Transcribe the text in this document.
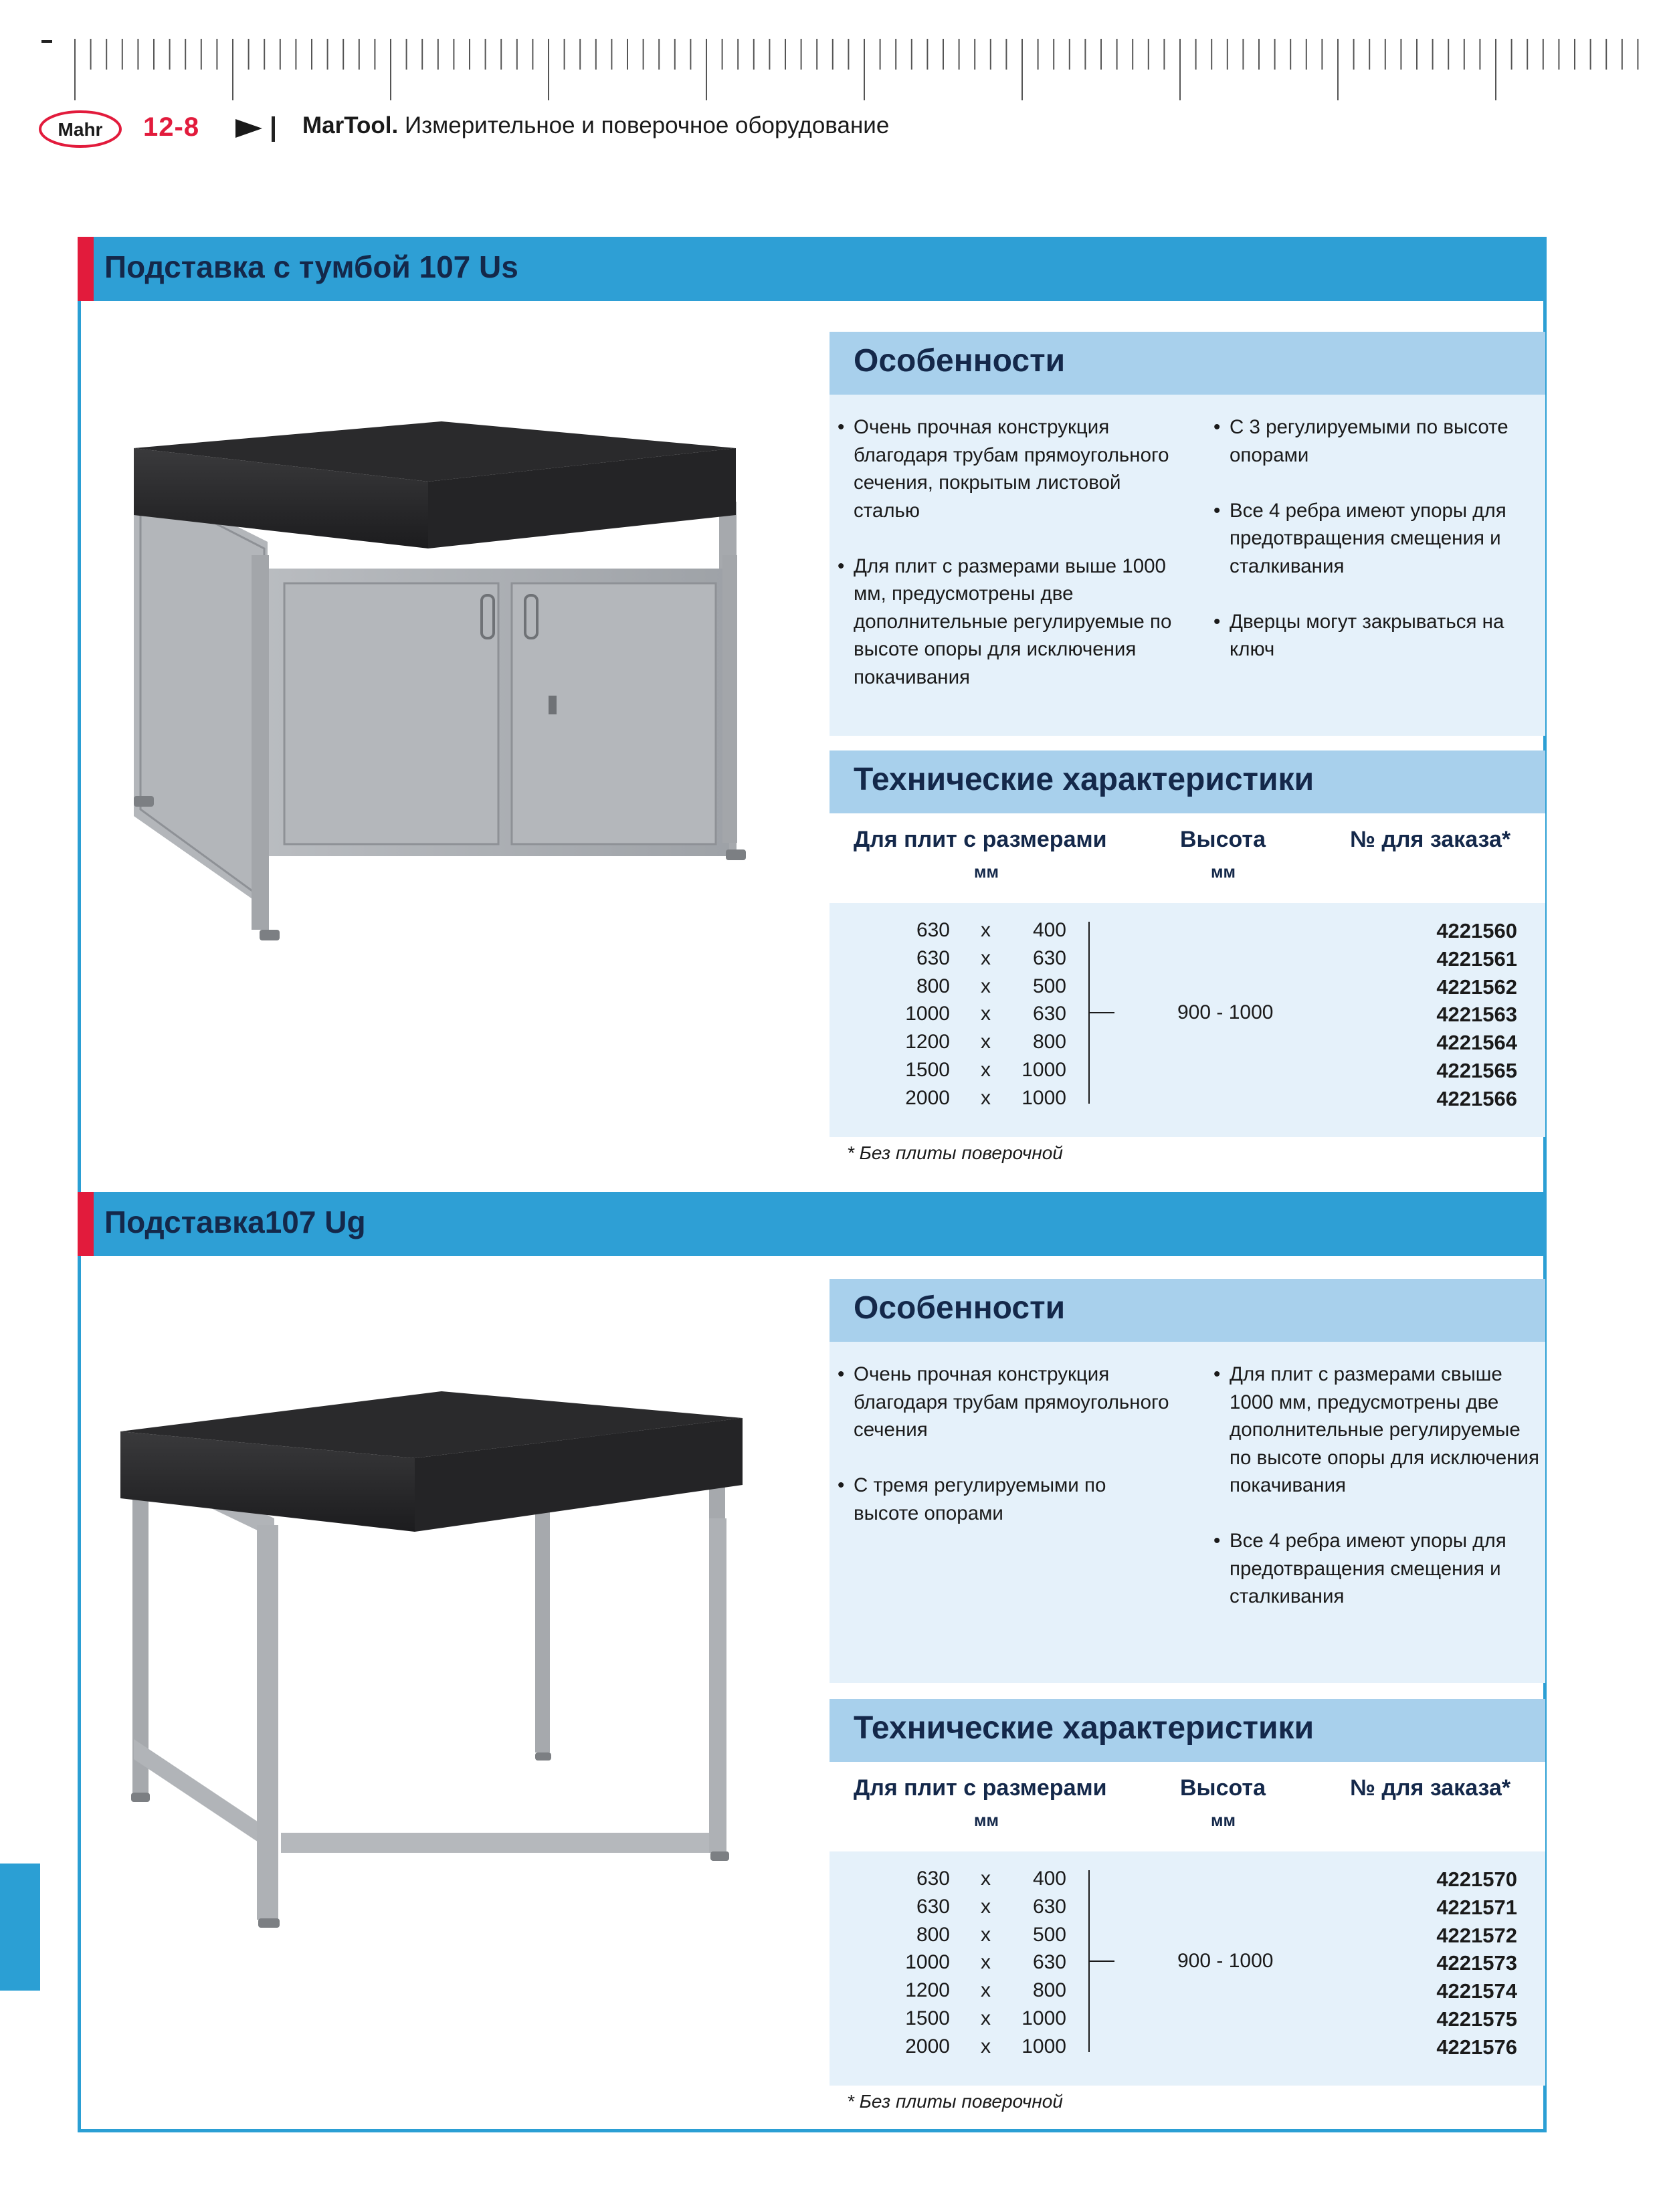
Mahr 12-8	MarTool. Измерительное и поверочное оборудование
Подставка с тумбой 107 Us
Особенности
• Очень прочная конструкция благодаря трубам прямоугольного сечения, покрытым листовой сталью
• Для плит с размерами выше 1000 мм, предусмотрены две дополнительные регулируемые по высоте опоры для исключения покачивания
• С 3 регулируемыми по высоте опорами
• Все 4 ребра имеют упоры для предотвращения смещения и сталкивания
• Дверцы могут закрываться на ключ
Технические характеристики
Для плит с размерами
мм
Высота
мм
№ для заказа*
630 x	400	4221560
630 x	630	4221561
800 x	500	4221562
1000 x	630	4221563
1200 x	800	4221564
1500 x	1000	4221565
2000 x	1000	4221566
900 - 1000
* Без плиты поверочной
Подставка107 Ug
Особенности
• Очень прочная конструкция благодаря трубам прямоугольного сечения
• С тремя регулируемыми по высоте опорами
• Для плит с размерами свыше 1000 мм, предусмотрены две дополнительные регулируемые по высоте опоры для исключения покачивания
• Все 4 ребра имеют упоры для предотвращения смещения и сталкивания
Технические характеристики
Для плит с размерами
мм
Высота
мм
№ для заказа*
630 x	400	4221570
630 x	630	4221571
800 x	500	4221572
1000 x	630	4221573
1200 x	800	4221574
1500 x	1000	4221575
2000 x	1000	4221576
900 - 1000
* Без плиты поверочной
